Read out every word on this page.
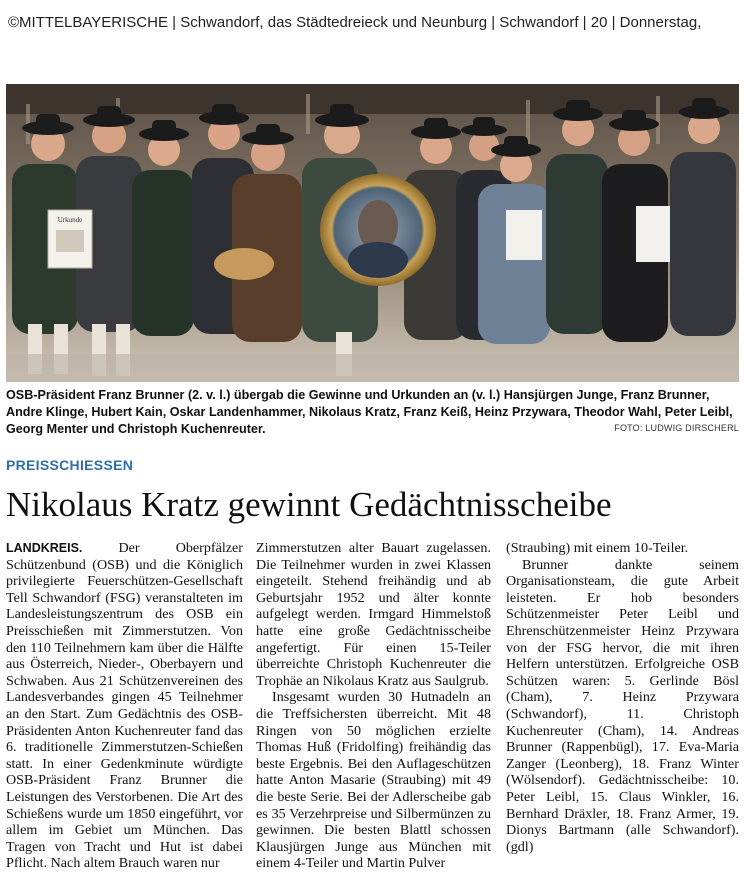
©MITTELBAYERISCHE | Schwandorf, das Städtedreieck und Neunburg | Schwandorf | 20 | Donnerstag,
Urkunde
OSB-Präsident Franz Brunner (2. v. l.) übergab die Gewinne und Urkunden an (v. l.) Hansjürgen Junge, Franz Brunner, Andre Klinge, Hubert Kain, Oskar Landenhammer, Nikolaus Kratz, Franz Keiß, Heinz Przywara, Theodor Wahl, Peter Leibl, Georg Menter und Christoph Kuchenreuter.	FOTO: LUDWIG DIRSCHERL
PREISSCHIESSEN
Nikolaus Kratz gewinnt Gedächtnisscheibe

LANDKREIS.	Der Oberpfälzer Schützenbund (OSB) und die Königlich privilegierte Feuerschützen-Gesellschaft Tell Schwandorf (FSG) veranstalteten im Landesleistungszentrum des OSB ein Preisschießen mit Zimmerstutzen. Von den 110 Teilnehmern kam über die Hälfte aus Österreich, Nieder-, Oberbayern und Schwaben. Aus 21 Schützenvereinen des Landesverbandes gingen 45 Teilnehmer an den Start. Zum Gedächtnis des OSB-Präsidenten Anton Kuchenreuter fand das 6. traditionelle Zimmerstutzen-Schießen statt. In einer Gedenkminute würdigte OSB-Präsident Franz Brunner die Leistungen des Verstorbenen. Die Art des Schießens wurde um 1850 eingeführt, vor allem im Gebiet um München. Das Tragen von Tracht und Hut ist dabei Pflicht. Nach altem Brauch waren nur

Zimmerstutzen alter Bauart zugelassen. Die Teilnehmer wurden in zwei Klassen eingeteilt. Stehend freihändig und ab Geburtsjahr 1952 und älter konnte aufgelegt werden. Irmgard Himmelstoß hatte eine große Gedächtnisscheibe angefertigt. Für einen 15-Teiler überreichte Christoph Kuchenreuter die Trophäe an Nikolaus Kratz aus Saulgrub.

Insgesamt wurden 30 Hutnadeln an die Treffsichersten überreicht. Mit 48 Ringen von 50 möglichen erzielte Thomas Huß (Fridolfing) freihändig das beste Ergebnis. Bei den Auflageschützen hatte Anton Masarie (Straubing) mit 49 die beste Serie. Bei der Adlerscheibe gab es 35 Verzehrpreise und Silbermünzen zu gewinnen. Die besten Blattl schossen Klausjürgen Junge aus München mit einem 4-Teiler und Martin Pulver

(Straubing) mit einem 10-Teiler.

Brunner dankte seinem Organisationsteam, die gute Arbeit leisteten. Er hob besonders Schützenmeister Peter Leibl und Ehrenschützenmeister Heinz Przywara von der FSG hervor, die mit ihren Helfern unterstützen. Erfolgreiche OSB Schützen waren: 5. Gerlinde Bösl (Cham), 7. Heinz Przywara (Schwandorf), 11. Christoph Kuchenreuter (Cham), 14. Andreas Brunner (Rappenbügl), 17. Eva-Maria Zanger (Leonberg), 18. Franz Winter (Wölsendorf). Gedächtnisscheibe: 10. Peter Leibl, 15. Claus Winkler, 16. Bernhard Dräxler, 18. Franz Armer, 19. Dionys Bartmann (alle Schwandorf). (gdl)
